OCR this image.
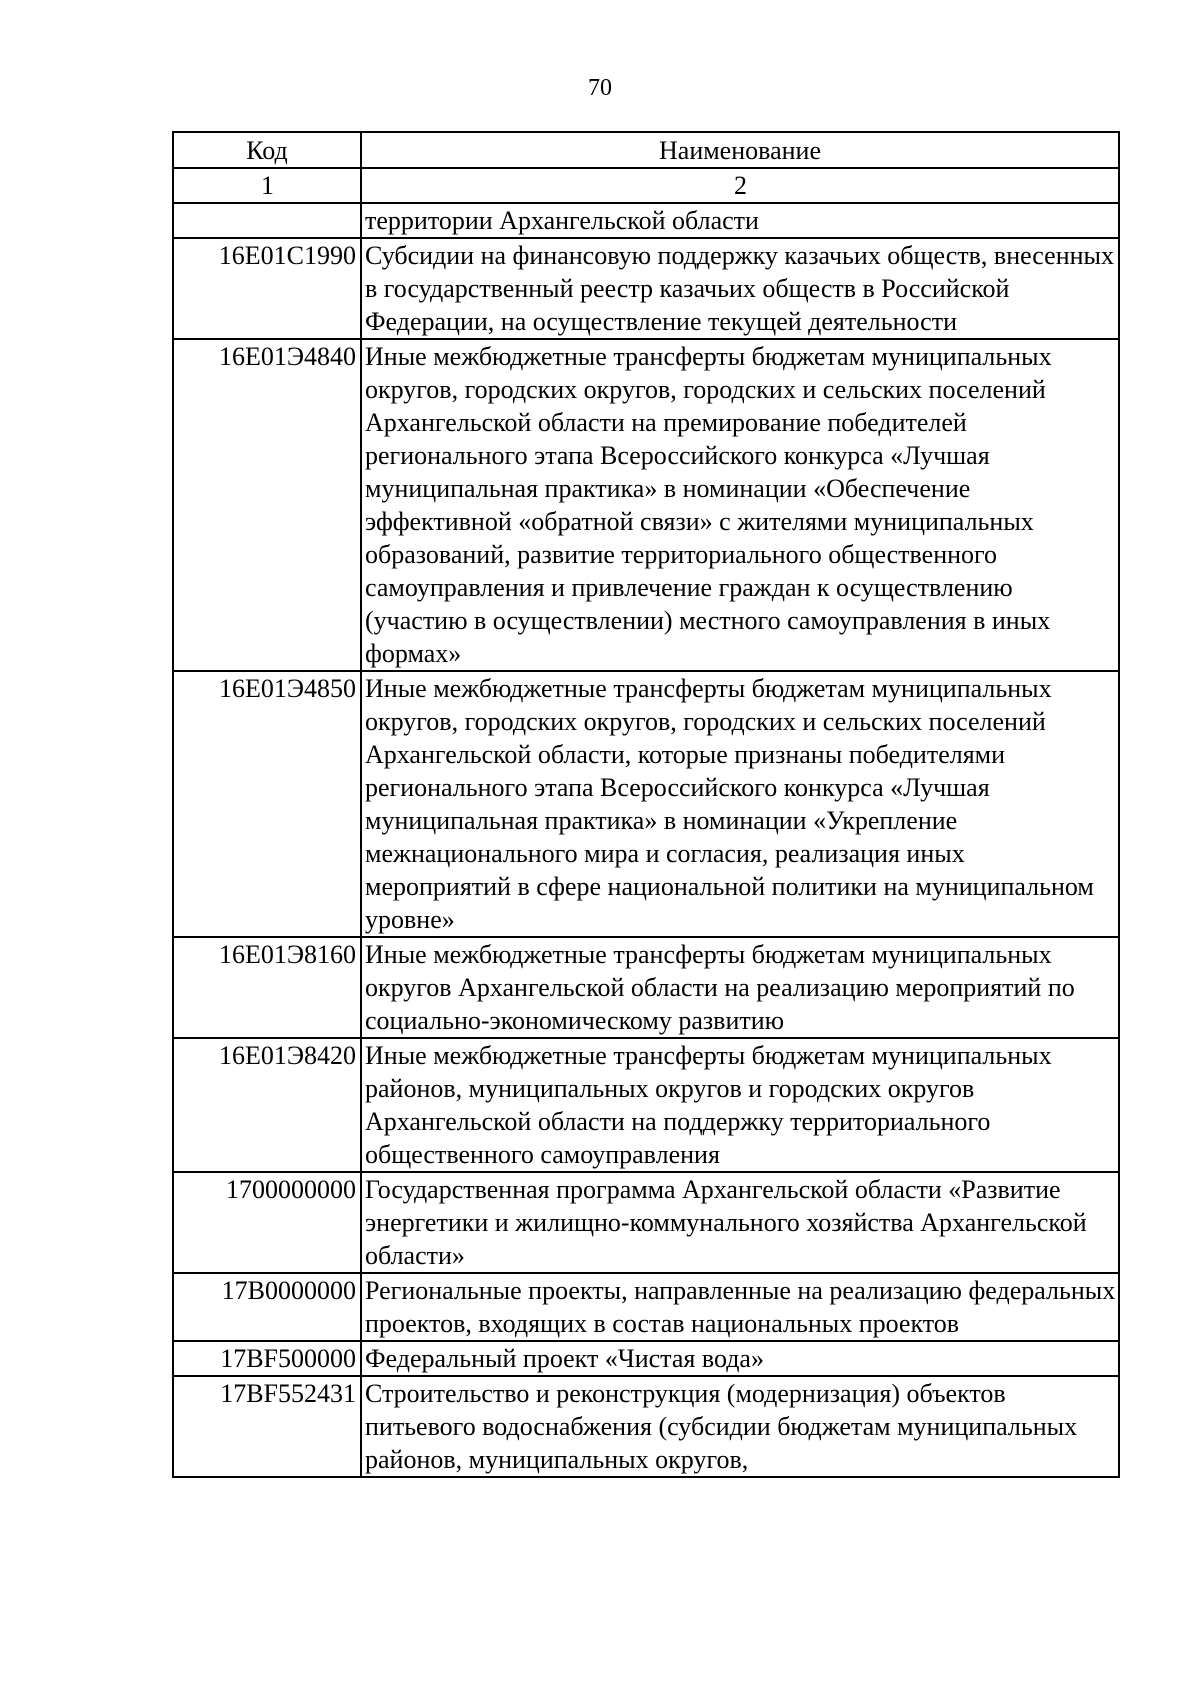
70
Код	Наименование
1	2
	территории Архангельской области
16Е01С1990	Субсидии на финансовую поддержку казачьих обществ, внесенных в государственный реестр казачьих обществ в Российской Федерации, на осуществление текущей деятельности
16Е01Э4840	Иные межбюджетные трансферты бюджетам муниципальных округов, городских округов, городских и сельских поселений Архангельской области на премирование победителей регионального этапа Всероссийского конкурса «Лучшая муниципальная практика» в номинации «Обеспечение эффективной «обратной связи» с жителями муниципальных образований, развитие территориального общественного самоуправления и привлечение граждан к осуществлению (участию в осуществлении) местного самоуправления в иных формах»
16Е01Э4850	Иные межбюджетные трансферты бюджетам муниципальных округов, городских округов, городских и сельских поселений Архангельской области, которые признаны победителями регионального этапа Всероссийского конкурса «Лучшая муниципальная практика» в номинации «Укрепление межнационального мира и согласия, реализация иных мероприятий в сфере национальной политики на муниципальном уровне»
16Е01Э8160	Иные межбюджетные трансферты бюджетам муниципальных округов Архангельской области на реализацию мероприятий по социально-экономическому развитию
16Е01Э8420	Иные межбюджетные трансферты бюджетам муниципальных районов, муниципальных округов и городских округов Архангельской области на поддержку территориального общественного самоуправления
1700000000	Государственная программа Архангельской области «Развитие энергетики и жилищно-коммунального хозяйства Архангельской области»
17В0000000	Региональные проекты, направленные на реализацию федеральных проектов, входящих в состав национальных проектов
17ВF500000	Федеральный проект «Чистая вода»
17ВF552431	Строительство и реконструкция (модернизация) объектов питьевого водоснабжения (субсидии бюджетам муниципальных районов, муниципальных округов,
